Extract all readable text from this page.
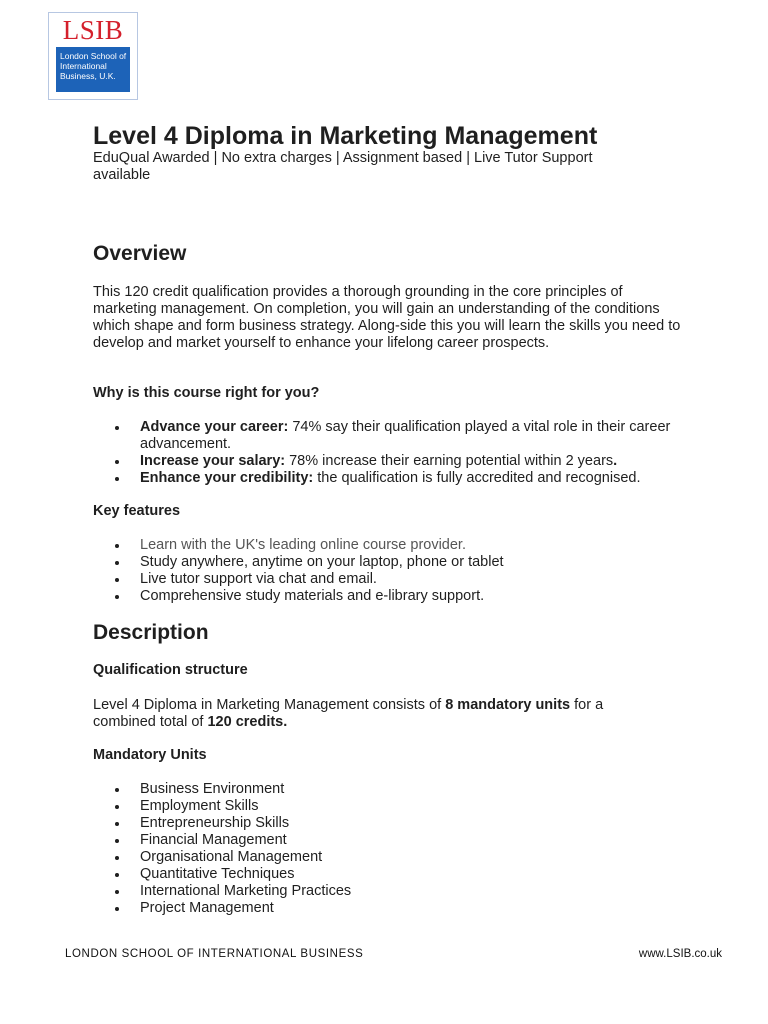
LSIB
London School of
International
Business, U.K.
Level 4 Diploma in Marketing Management
EduQual Awarded | No extra charges | Assignment based | Live Tutor Support available
Overview
This 120 credit qualification provides a thorough grounding in the core principles of marketing management. On completion, you will gain an understanding of the conditions which shape and form business strategy. Along-side this you will learn the skills you need to develop and market yourself to enhance your lifelong career prospects.
Why is this course right for you?
Advance your career: 74% say their qualification played a vital role in their career advancement.
Increase your salary: 78% increase their earning potential within 2 years.
Enhance your credibility: the qualification is fully accredited and recognised.
Key features
Learn with the UK's leading online course provider.
Study anywhere, anytime on your laptop, phone or tablet
Live tutor support via chat and email.
Comprehensive study materials and e-library support.
Description
Qualification structure
Level 4 Diploma in Marketing Management consists of 8 mandatory units for a combined total of 120 credits.
Mandatory Units
Business Environment
Employment Skills
Entrepreneurship Skills
Financial Management
Organisational Management
Quantitative Techniques
International Marketing Practices
Project Management
LONDON SCHOOL OF INTERNATIONAL BUSINESS	www.LSIB.co.uk
